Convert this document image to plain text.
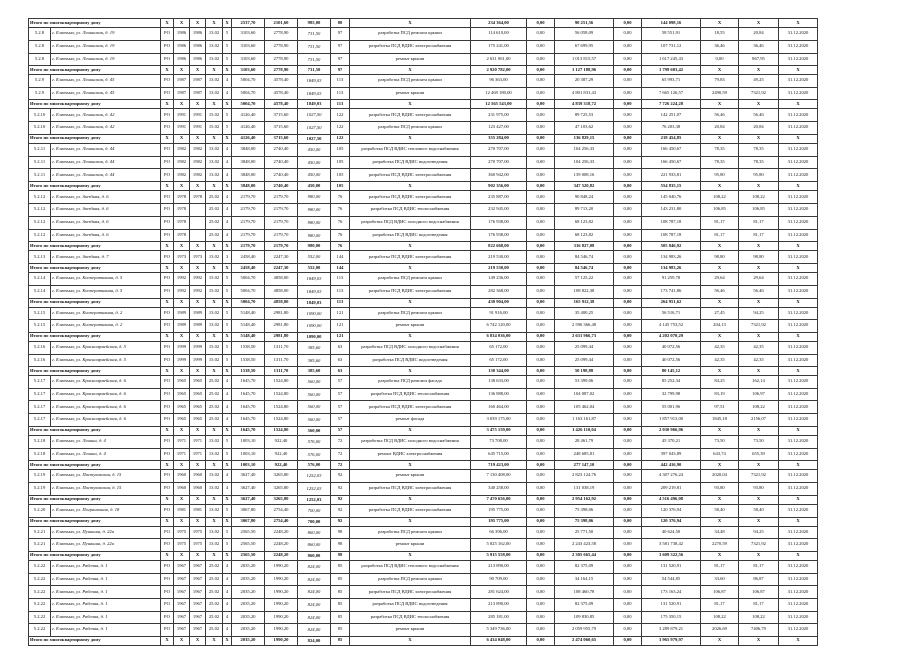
Итого по многоквартирному дому		X	X	X	X	X	2537,70	2101,60	985,00	80	X	234 364,00	0,00	90 251,56	0,00	144 098,16	X	X	X
5.2.8	г. Елатьма, ул. Ленинская, д. 19	РО	1986	1986	13.02	5	3103,60	2778,90	731,50	97	разработка ПСД ремонта крыши	114 610,00	0,00	56 058,09	0,00	58 551,91	18,55	20,84	31.12.2020
5.2.8	г. Елатьма, ул. Ленинская, д. 19	РО	1986	1986	13.02	5	3103,60	2778,90	731,50	97	разработка ПСД ВДИС электроснабжения	175 241,00	0,00	67 699,95	0,00	107 731,12	36,46	36,46	31.12.2020
5.2.8	г. Елатьма, ул. Ленинская, д. 19	РО	1986	1986	13.02	5	3103,60	2778,90	731,50	97	ремонт крыши	2 631 061,00	0,00	1 013 815,57	0,00	1 617 245,43	0,00	867,95	31.12.2020
Итого по многоквартирному дому		X	X	X	X	X	3103,60	2778,90	731,50	97	X	2 920 782,00	0,00	1 127 188,96	0,00	1 799 603,42	X	X	X
5.2.9	г. Елатьма, ул. Ленинская, д. 45	РО	1987	1987	13.02	4	5004,70	4578,40	1849,03	113	разработка ПСД ремонта крыши	96 363,00	0,00	20 387,29	0,00	65 993,71	79,83	49,25	31.12.2020
5.2.9	г. Елатьма, ул. Ленинская, д. 45	РО	1987	1987	13.02	4	5004,70	4578,40	1849,03	113	ремонт крыши	12 469 180,00	0,00	4 801 831,43	0,00	7 665 126,57	2490,59	7321,92	31.12.2020
Итого по многоквартирному дому		X	X	X	X	X	5004,70	4578,40	1849,03	113	X	12 565 543,00	0,00	4 839 318,72	0,00	7 726 224,28	X	X	X
5.2.10	г. Елатьма, ул. Ленинская, д. 42	РО	1991	1991	15.02	5	4126,40	3715,60	1027,50	122	разработка ПСД ВДИС электроснабжения	231 975,00	0,00	89 725,53	0,00	142 251,07	56,46	56,46	31.12.2020
5.2.10	г. Елатьма, ул. Ленинская, д. 42	РО	1991	1991	15.02	5	4126,40	3715,60	1027,50	122	разработка ПСД ремонта крыши	123 427,00	0,00	47 103,62	0,00	76 203,38	20,84	20,84	31.12.2020
Итого по многоквартирному дому		X	X	X	X	X	4126,40	3715,60	1027,50	122	X	355 284,00	0,00	136 829,15	0,00	218 454,85	X	X	X
5.2.11	г. Елатьма, ул. Ленинская, д. 44	РО	1982	1982	13.02	4	3848,00	2740,40	450,00	105	разработка ПСД ВДИС теплового водоснабжения	270 707,00	0,00	104 256,33	0,00	166 450,67	78,35	78,35	31.12.2020
5.2.11	г. Елатьма, ул. Ленинская, д. 44	РО	1982	1982	13.02	4	3848,00	2740,40	450,00	105	разработка ПСД ВДИС водоотведения	270 707,00	0,00	104 256,33	0,00	166 450,67	78,35	78,35	31.12.2020
5.2.11	г. Елатьма, ул. Ленинская, д. 44	РО	1982	1982	13.02	4	3848,00	2740,40	450,00	105	разработка ПСД ВДИС электроснабжения	360 942,00	0,00	139 008,16	0,00	221 933,81	95,80	95,80	31.12.2020
Итого по многоквартирному дому		X	X	X	X	X	3848,00	2740,40	450,00	105	X	902 356,00	0,00	347 520,82	0,00	554 835,15	X	X	X
5.2.12	г. Елатьма, ул. Звездная, д. 6	РО	1978	1978	25.02	4	2179,70	2179,70	980,00	76	разработка ПСД ВДИС электроснабжения	235 887,00	0,00	90 848,24	0,00	145 040,76	108,22	108,22	31.12.2020
5.2.12	г. Елатьма, ул. Звездная, д. 6	РО	1978		25.02	4	2179,70	2179,70	980,00	76	разработка ПСД ВДИС теплоснабжения	232 945,00	0,00	89 713,20	0,00	143 231,80	106,85	106,85	31.12.2020
5.2.12	г. Елатьма, ул. Звездная, д. 6	РО	1978		25.02	4	2179,70	2179,70	980,00	76	разработка ПСД ВДИС холодного водоснабжения	176 938,00	0,00	68 123,82	0,00	108 787,18	81,17	81,17	31.12.2020
5.2.12	г. Елатьма, ул. Звездная, д. 6	РО	1978		25.02	4	2179,70	2179,70	980,00	76	разработка ПСД ВДИС водоотведения	176 938,00	0,00	68 123,82	0,00	108 787,18	81,17	81,17	31.12.2020
Итого по многоквартирному дому		X	X	X	X	X	2179,70	2179,70	980,00	76	X	822 668,00	0,00	316 827,08	0,00	505 846,92	X	X	X
5.2.13	г. Елатьма, ул. Звездная, д. 7	РО	1973	1973	13.02	3	2458,40	2247,30	552,00	144	разработка ПСД ВДИС электроснабжения	219 530,00	0,00	84 546,74	0,00	134 983,26	98,80	98,80	31.12.2020
Итого по многоквартирному дому		X	X	X	X	X	2458,40	2247,30	552,00	144	X	219 530,00	0,00	84 546,74	0,00	134 983,26	X	X	X
5.2.14	г. Елатьма, ул. Кооперативная, д. 5	РО	1992	1992	15.02	5	5004,70	4858,00	1849,03	113	разработка ПСД ремонта крыши	149 236,00	0,00	57 125,22	0,00	91 259,78	29,64	29,64	31.12.2020
5.2.14	г. Елатьма, ул. Кооперативная, д. 5	РО	1992	1992	15.02	5	5004,70	4858,00	1849,03	113	разработка ПСД ВДИС электроснабжения	282 368,00	0,00	108 822,38	0,00	173 741,86	56,46	56,46	31.12.2020
Итого по многоквартирному дому		X	X	X	X	X	5004,70	4858,00	1849,03	113	X	430 904,00	0,00	165 912,38	0,00	264 951,62	X	X	X
5.2.15	г. Елатьма, ул. Кооперативная, д. 2	РО	1989	1989	13.02	5	5148,40	2981,80	1090,00	121	разработка ПСД ремонта крыши	91 916,00	0,00	35 400,25	0,00	56 516,71	27,45	94,25	31.12.2020
5.2.15	г. Елатьма, ул. Кооперативная, д. 2	РО	1989	1989	13.02	5	5148,40	2981,80	1090,00	121	ремонт крыши	6 742 120,00	0,00	2 596 366,48	0,00	4 145 753,52	204,13	7321,92	31.12.2020
Итого по многоквартирному дому		X	X	X	X	X	5148,40	2981,80	1090,00	121	X	6 834 036,00	0,00	2 631 966,73	0,00	4 202 070,29	X	X	X
5.2.16	г. Елатьма, ул. Красноармейская, д. 5	РО	1999	1999	15.02	5	1538,50	1311,70	385,60	63	разработка ПСД ВДИС холодного водоснабжения	65 172,00	0,00	25 099,44	0,00	40 072,56	42,35	42,35	31.12.2020
5.2.16	г. Елатьма, ул. Красноармейская, д. 5	РО	1999	1999	15.02	5	1538,50	1311,70	385,60	63	разработка ПСД ВДИС водоотведения	65 172,00	0,00	25 099,44	0,00	40 072,56	42,35	42,35	31.12.2020
Итого по многоквартирному дому		X	X	X	X	X	1538,50	1311,70	385,60	63	X	130 344,00	0,00	50 198,88	0,00	80 145,12	X	X	X
5.2.17	г. Елатьма, ул. Красноармейская, д. 6	РО	1965	1965	25.02	4	1645,70	1524,80	560,00	57	разработка ПСД ремонта фасада	138 633,00	0,00	53 399,06	0,00	85 252,34	84,25	162,14	31.12.2020
5.2.17	г. Елатьма, ул. Красноармейская, д. 6	РО	1965	1965	25.02	4	1645,70	1524,80	560,00	57	разработка ПСД ВДИС теплоснабжения	136 888,00	0,00	104 087,02	0,00	32 799,98	83,19	106,97	31.12.2020
5.2.17	г. Елатьма, ул. Красноармейская, д. 6	РО	1965	1965	25.02	4	1645,70	1524,80	560,00	57	разработка ПСД ВДИС электроснабжения	160 464,00	0,00	105 462,04	0,00	55 001,96	97,51	108,22	31.12.2020
5.2.17	г. Елатьма, ул. Красноармейская, д. 6	РО	1965	1965	25.02	4	1645,70	1524,80	560,00	57	ремонт фасада	3 039 175,00	0,00	1 163 161,87	0,00	1 857 913,00	1845,18	2156,07	31.12.2020
Итого по многоквартирному дому		X	X	X	X	X	1645,70	1524,80	560,00	57	X	3 475 159,00	0,00	1 426 110,04	0,00	2 030 966,96	X	X	X
5.2.18	г. Елатьма, ул. Ленина, д. 4	РО	1971	1971	13.02	5	1003,10	922,40	576,00	72	разработка ПСД ВДИС холодного водоснабжения	73 708,00	0,00	28 461,79	0,00	45 370,21	73,50	73,50	31.12.2020
5.2.18	г. Елатьма, ул. Ленина, д. 4	РО	1971	1971	13.02	5	1003,10	922,40	576,00	72	ремонт ВДИС электроснабжения	645 715,00	0,00	248 685,81	0,00	397 043,89	643,74	655,39	31.12.2020
Итого по многоквартирному дому		X	X	X	X	X	1003,10	922,40	576,00	72	X	719 423,00	0,00	277 147,10	0,00	442 416,90	X	X	X
5.2.19	г. Елатьма, ул. Пастуховская, д. 15	РО	1960	1960	13.02	4	3627,40	3265,80	1252,03	92	ремонт крыши	7 130 408,00	0,00	2 823 124,76	0,00	4 307 276,24	2020,04	7321,92	31.12.2020
5.2.19	г. Елатьма, ул. Пастуховская, д. 15	РО	1960	1960	13.02	4	3627,40	3265,80	1252,03	92	разработка ПСД ВДИС электроснабжения	340 258,00	0,00	131 038,19	0,00	209 219,81	93,80	93,80	31.12.2020
Итого по многоквартирному дому		X	X	X	X	X	3627,40	3265,80	1252,03	92	X	7 470 656,00	0,00	2 954 162,92	0,00	4 516 496,08	X	X	X
5.2.20	г. Елатьма, ул. Пограничная, д. 18	РО	1981	1981	13.02	5	3067,80	2754,40	700,00	92	разработка ПСД ВДИС электроснабжения	195 775,00	0,00	75 398,06	0,00	120 376,94	58,40	58,40	31.12.2020
Итого по многоквартирному дому		X	X	X	X	X	3067,80	2754,40	700,00	92	X	195 775,00	0,00	75 398,06	0,00	120 376,94	X	X	X
5.2.21	г. Елатьма, ул. Пушкина, д. 22а	РО	1975	1975	13.02	5	2565,50	2248,20	860,00	98	разработка ПСД ремонта крыши	66 396,00	0,00	25 771,50	0,00	40 624,50	34,48	94,25	31.12.2020
5.2.21	г. Елатьма, ул. Пушкина, д. 22а	РО	1975	1975	13.02	5	2565,50	2248,20	860,00	98	ремонт крыши	5 825 162,00	0,00	2 243 423,58	0,00	3 581 738,42	2270,59	7321,92	31.12.2020
Итого по многоквартирному дому		X	X	X	X	X	2565,50	2248,20	860,00	98	X	5 915 558,00	0,00	2 305 665,44	0,00	3 609 322,56	X	X	X
5.2.22	г. Елатьма, ул. Рабочая, д. 1	РО	1967	1967	25.02	4	2035,20	1990,20	824,00	85	разработка ПСД ВДИС теплового водоснабжения	213 890,00	0,00	82 375,09	0,00	131 520,91	81,17	81,17	31.12.2020
5.2.22	г. Елатьма, ул. Рабочая, д. 1	РО	1967	1967	25.02	4	2035,20	1990,20	824,00	85	разработка ПСД ремонта крыши	90 709,00	0,00	34 164,15	0,00	54 544,85	33,60	86,87	31.12.2020
5.2.22	г. Елатьма, ул. Рабочая, д. 1	РО	1967	1967	25.02	4	2035,20	1990,20	824,00	85	разработка ПСД ВДИС электроснабжения	281 624,00	0,00	108 460,78	0,00	173 163,24	106,87	106,87	31.12.2020
5.2.22	г. Елатьма, ул. Рабочая, д. 1	РО	1967	1967	25.02	4	2035,20	1990,20	824,00	85	разработка ПСД ВДИС водоотведения	213 890,00	0,00	82 375,09	0,00	131 520,91	81,17	81,17	31.12.2020
5.2.22	г. Елатьма, ул. Рабочая, д. 1	РО	1967	1967	25.02	4	2035,20	1990,20	824,00	85	разработка ПСД ВДИС теплоснабжения	285 181,00	0,00	109 830,85	0,00	175 350,15	108,22	108,22	31.12.2020
5.2.22	г. Елатьма, ул. Рабочая, д. 1	РО	1967	1967	25.02	4	2035,20	1990,20	824,00	85	ремонт крыши	5 349 736,00	0,00	2 059 955,79	0,00	3 289 879,21	2026,69	7406,79	31.12.2020
Итого по многоквартирному дому		X	X	X	X	X	2035,20	1990,20	824,00	85	X	6 434 048,00	0,00	2 474 060,65	0,00	3 965 979,97	X	X	X
